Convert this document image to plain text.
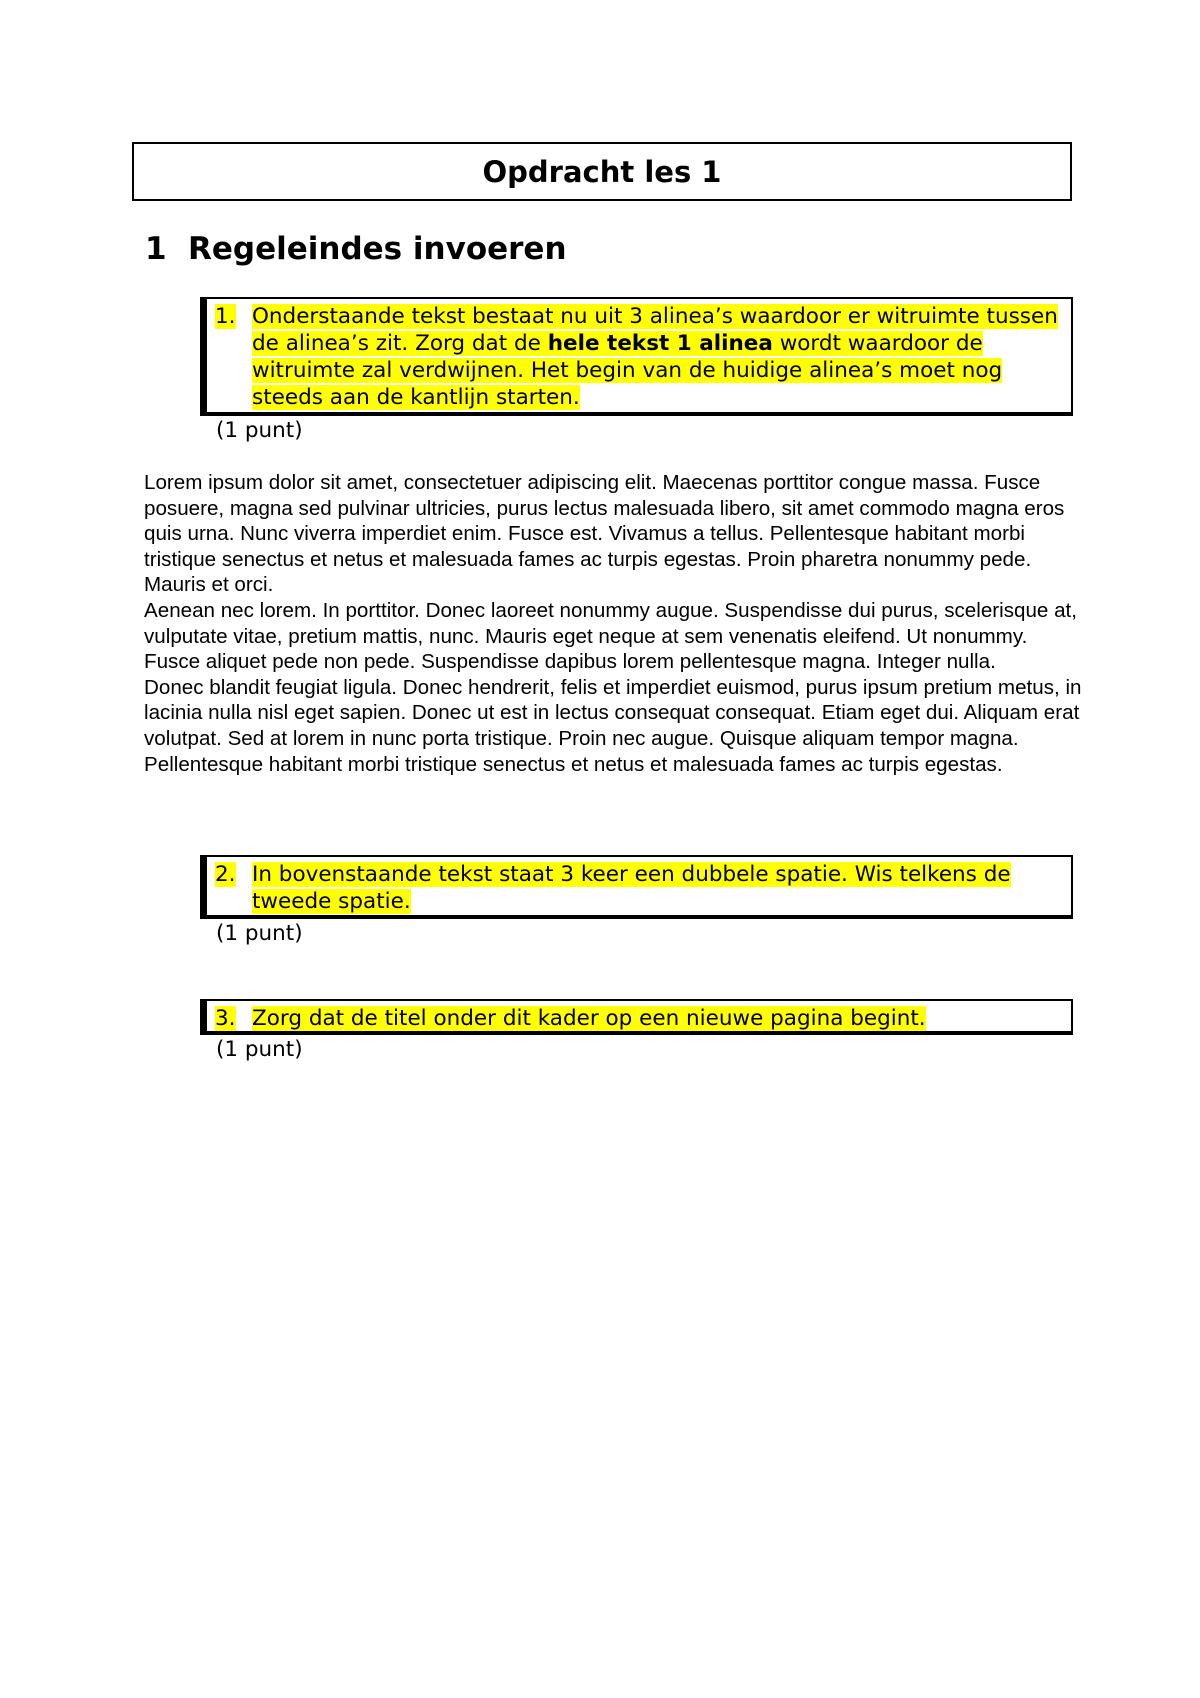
Opdracht les 1
1 Regeleindes invoeren
1. Onderstaande tekst bestaat nu uit 3 alinea’s waardoor er witruimte tussen de alinea’s zit. Zorg dat de hele tekst 1 alinea wordt waardoor de witruimte zal verdwijnen. Het begin van de huidige alinea’s moet nog steeds aan de kantlijn starten.
(1 punt)

Lorem ipsum dolor sit amet, consectetuer adipiscing elit. Maecenas porttitor congue massa. Fusce posuere, magna sed pulvinar ultricies, purus lectus malesuada libero, sit amet commodo magna eros quis urna. Nunc viverra imperdiet enim. Fusce est. Vivamus a tellus. Pellentesque habitant morbi tristique senectus et netus et malesuada fames ac turpis egestas. Proin pharetra nonummy pede. Mauris et orci.

Aenean nec lorem. In porttitor. Donec laoreet nonummy augue. Suspendisse dui purus, scelerisque at, vulputate vitae, pretium mattis, nunc. Mauris eget neque at sem venenatis eleifend. Ut nonummy. Fusce aliquet pede non pede. Suspendisse dapibus lorem pellentesque magna. Integer nulla.

Donec blandit feugiat ligula. Donec hendrerit, felis et imperdiet euismod, purus ipsum pretium metus, in lacinia nulla nisl eget sapien. Donec ut est in lectus consequat consequat. Etiam eget dui. Aliquam erat volutpat. Sed at lorem in nunc porta tristique. Proin nec augue. Quisque aliquam tempor magna. Pellentesque habitant morbi tristique senectus et netus et malesuada fames ac turpis egestas.

2. In bovenstaande tekst staat 3 keer een dubbele spatie. Wis telkens de tweede spatie.
(1 punt)
3. Zorg dat de titel onder dit kader op een nieuwe pagina begint.
(1 punt)
